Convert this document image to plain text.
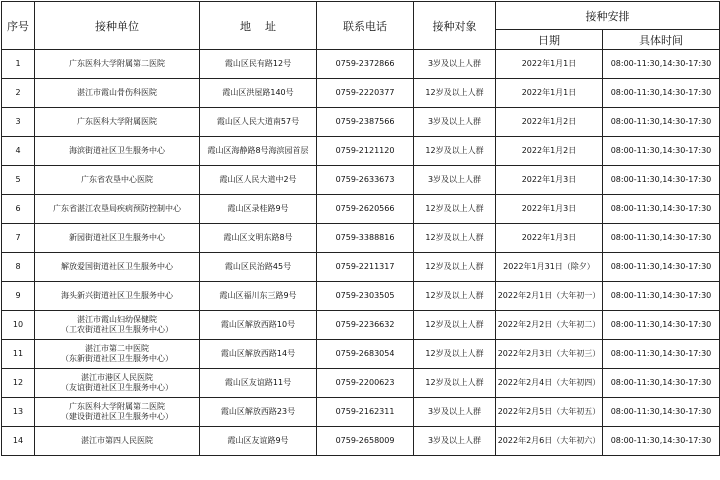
序号	接种单位	地    址	联系电话	接种对象	接种安排	
					日期	具体时间
1	广东医科大学附属第二医院	霞山区民有路12号	0759-2372866	3岁及以上人群	2022年1月1日	08:00-11:30,14:30-17:30
2	湛江市霞山骨伤科医院	霞山区洪屋路140号	0759-2220377	12岁及以上人群	2022年1月1日	08:00-11:30,14:30-17:30
3	广东医科大学附属医院	霞山区人民大道南57号	0759-2387566	3岁及以上人群	2022年1月2日	08:00-11:30,14:30-17:30
4	海滨街道社区卫生服务中心	霞山区海静路8号海滨园首层	0759-2121120	12岁及以上人群	2022年1月2日	08:00-11:30,14:30-17:30
5	广东省农垦中心医院	霞山区人民大道中2号	0759-2633673	3岁及以上人群	2022年1月3日	08:00-11:30,14:30-17:30
6	广东省湛江农垦局疾病预防控制中心	霞山区录桂路9号	0759-2620566	12岁及以上人群	2022年1月3日	08:00-11:30,14:30-17:30
7	新园街道社区卫生服务中心	霞山区文明东路8号	0759-3388816	12岁及以上人群	2022年1月3日	08:00-11:30,14:30-17:30
8	解放爱国街道社区卫生服务中心	霞山区民治路45号	0759-2211317	12岁及以上人群	2022年1月31日（除夕）	08:00-11:30,14:30-17:30
9	海头新兴街道社区卫生服务中心	霞山区福川东三路9号	0759-2303505	12岁及以上人群	2022年2月1日（大年初一）	08:00-11:30,14:30-17:30
10	湛江市霞山妇幼保健院
（工农街道社区卫生服务中心）	霞山区解放西路10号	0759-2236632	12岁及以上人群	2022年2月2日（大年初二）	08:00-11:30,14:30-17:30
11	湛江市第二中医院
（东新街道社区卫生服务中心）	霞山区解放西路14号	0759-2683054	12岁及以上人群	2022年2月3日（大年初三）	08:00-11:30,14:30-17:30
12	湛江市港区人民医院
（友谊街道社区卫生服务中心）	霞山区友谊路11号	0759-2200623	12岁及以上人群	2022年2月4日（大年初四）	08:00-11:30,14:30-17:30
13	广东医科大学附属第二医院
（建设街道社区卫生服务中心）	霞山区解放西路23号	0759-2162311	3岁及以上人群	2022年2月5日（大年初五）	08:00-11:30,14:30-17:30
14	湛江市第四人民医院	霞山区友谊路9号	0759-2658009	3岁及以上人群	2022年2月6日（大年初六）	08:00-11:30,14:30-17:30
